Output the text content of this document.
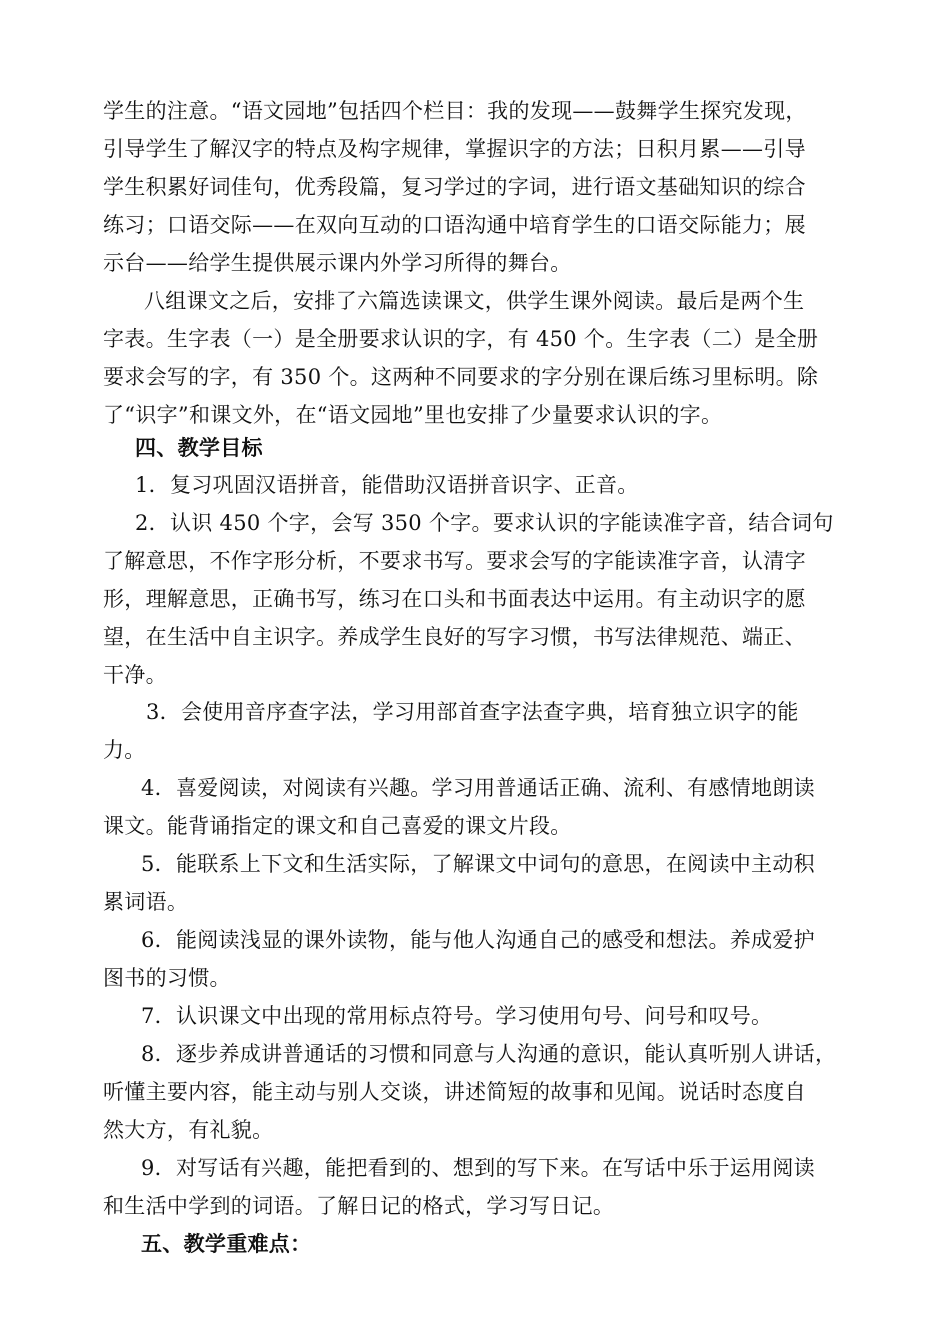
学生的注意。“语文园地”包括四个栏目：我的发现——鼓舞学生探究发现，
引导学生了解汉字的特点及构字规律，掌握识字的方法；日积月累——引导
学生积累好词佳句，优秀段篇，复习学过的字词，进行语文基础知识的综合
练习；口语交际——在双向互动的口语沟通中培育学生的口语交际能力；展
示台——给学生提供展示课内外学习所得的舞台。
八组课文之后，安排了六篇选读课文，供学生课外阅读。最后是两个生
字表。生字表（一）是全册要求认识的字，有 450 个。生字表（二）是全册
要求会写的字，有 350 个。这两种不同要求的字分别在课后练习里标明。除
了“识字”和课文外，在“语文园地”里也安排了少量要求认识的字。
四、教学目标
1．复习巩固汉语拼音，能借助汉语拼音识字、正音。
2．认识 450 个字，会写 350 个字。要求认识的字能读准字音，结合词句
了解意思，不作字形分析，不要求书写。要求会写的字能读准字音，认清字
形，理解意思，正确书写，练习在口头和书面表达中运用。有主动识字的愿
望，在生活中自主识字。养成学生良好的写字习惯，书写法律规范、端正、
干净。
3．会使用音序查字法，学习用部首查字法查字典，培育独立识字的能
力。
4．喜爱阅读，对阅读有兴趣。学习用普通话正确、流利、有感情地朗读
课文。能背诵指定的课文和自己喜爱的课文片段。
5．能联系上下文和生活实际，了解课文中词句的意思，在阅读中主动积
累词语。
6．能阅读浅显的课外读物，能与他人沟通自己的感受和想法。养成爱护
图书的习惯。
7．认识课文中出现的常用标点符号。学习使用句号、问号和叹号。
8．逐步养成讲普通话的习惯和同意与人沟通的意识，能认真听别人讲话，
听懂主要内容，能主动与别人交谈，讲述简短的故事和见闻。说话时态度自
然大方，有礼貌。
9．对写话有兴趣，能把看到的、想到的写下来。在写话中乐于运用阅读
和生活中学到的词语。了解日记的格式，学习写日记。
五、教学重难点：
